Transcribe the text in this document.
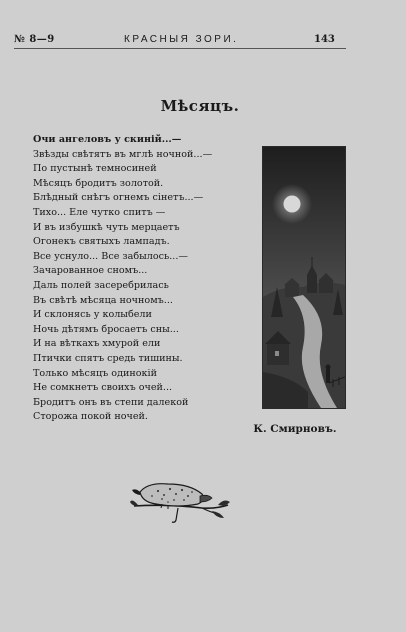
№ 8—9	КРАСНЫЯ ЗОРИ.	143
Мѣсяцъ.
Очи ангеловъ у скиній...—
Звѣзды свѣтятъ въ мглѣ ночной...—
По пустынѣ темносиней
Мѣсяцъ бродитъ золотой.
Блѣдный снѣгъ огнемъ сiнетъ...—
Тихо... Еле чутко спитъ —
И въ избушкѣ чуть мерцаетъ
Огонекъ святыхъ лампадъ.
Все уснуло... Все забылось...—
Зачарованное сномъ...
Даль полей засеребрилась
Въ свѣтѣ мѣсяца ночномъ...
И склонясь у колыбели
Ночь дѣтямъ бросаетъ сны...
И на вѣткахъ хмурой ели
Птички спятъ средь тишины.
Только мѣсяцъ одинокiй
Не сомкнетъ своихъ очей...
Бродитъ онъ въ степи далекой
Сторожа покой ночей.
К. Смирновъ.
